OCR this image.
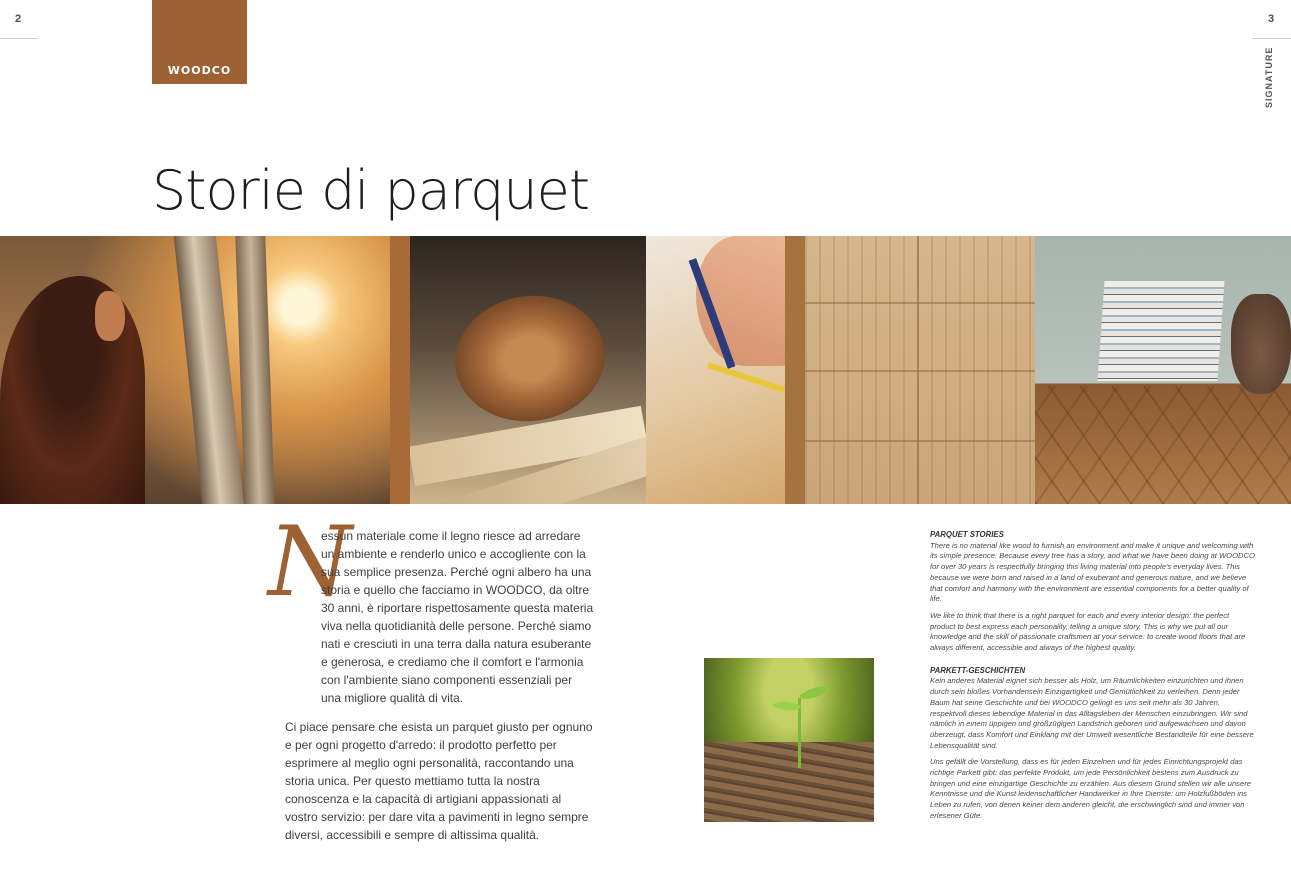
2	3
SIGNATURE
WOODCO
Storie di parquet
N

essun materiale come il legno riesce ad arredare un ambiente e renderlo unico e accogliente con la sua semplice presenza. Perché ogni albero ha una storia e quello che facciamo in WOODCO, da oltre 30 anni, è riportare rispettosamente questa materia viva nella quotidianità delle persone. Perché siamo nati e cresciuti in una terra dalla natura esuberante e generosa, e crediamo che il comfort e l'armonia con l'ambiente siano componenti essenziali per una migliore qualità di vita.

Ci piace pensare che esista un parquet giusto per ognuno e per ogni progetto d'arredo: il prodotto perfetto per esprimere al meglio ogni personalità, raccontando una storia unica. Per questo mettiamo tutta la nostra conoscenza e la capacità di artigiani appassionati al vostro servizio: per dare vita a pavimenti in legno sempre diversi, accessibili e sempre di altissima qualità.

PARQUET STORIES

There is no material like wood to furnish an environment and make it unique and welcoming with its simple presence. Because every tree has a story, and what we have been doing at WOODCO for over 30 years is respectfully bringing this living material into people's everyday lives. This because we were born and raised in a land of exuberant and generous nature, and we believe that comfort and harmony with the environment are essential components for a better quality of life.

We like to think that there is a right parquet for each and every interior design: the perfect product to best express each personality, telling a unique story. This is why we put all our knowledge and the skill of passionate craftsmen at your service: to create wood floors that are always different, accessible and always of the highest quality.

PARKETT-GESCHICHTEN

Kein anderes Material eignet sich besser als Holz, um Räumlichkeiten einzurichten und ihnen durch sein bloßes Vorhandensein Einzigartigkeit und Gemütlichkeit zu verleihen. Denn jeder Baum hat seine Geschichte und bei WOODCO gelingt es uns seit mehr als 30 Jahren, respektvoll dieses lebendige Material in das Alltagsleben der Menschen einzubringen. Wir sind nämlich in einem üppigen und großzügigen Landstrich geboren und aufgewachsen und davon überzeugt, dass Komfort und Einklang mit der Umwelt wesentliche Bestandteile für eine bessere Lebensqualität sind.

Uns gefällt die Vorstellung, dass es für jeden Einzelnen und für jedes Einrichtungsprojekt das richtige Parkett gibt: das perfekte Produkt, um jede Persönlichkeit bestens zum Ausdruck zu bringen und eine einzigartige Geschichte zu erzählen. Aus diesem Grund stellen wir alle unsere Kenntnisse und die Kunst leidenschaftlicher Handwerker in Ihre Dienste: um Holzfußböden ins Leben zu rufen, von denen keiner dem anderen gleicht, die erschwinglich sind und immer von erlesener Güte.
